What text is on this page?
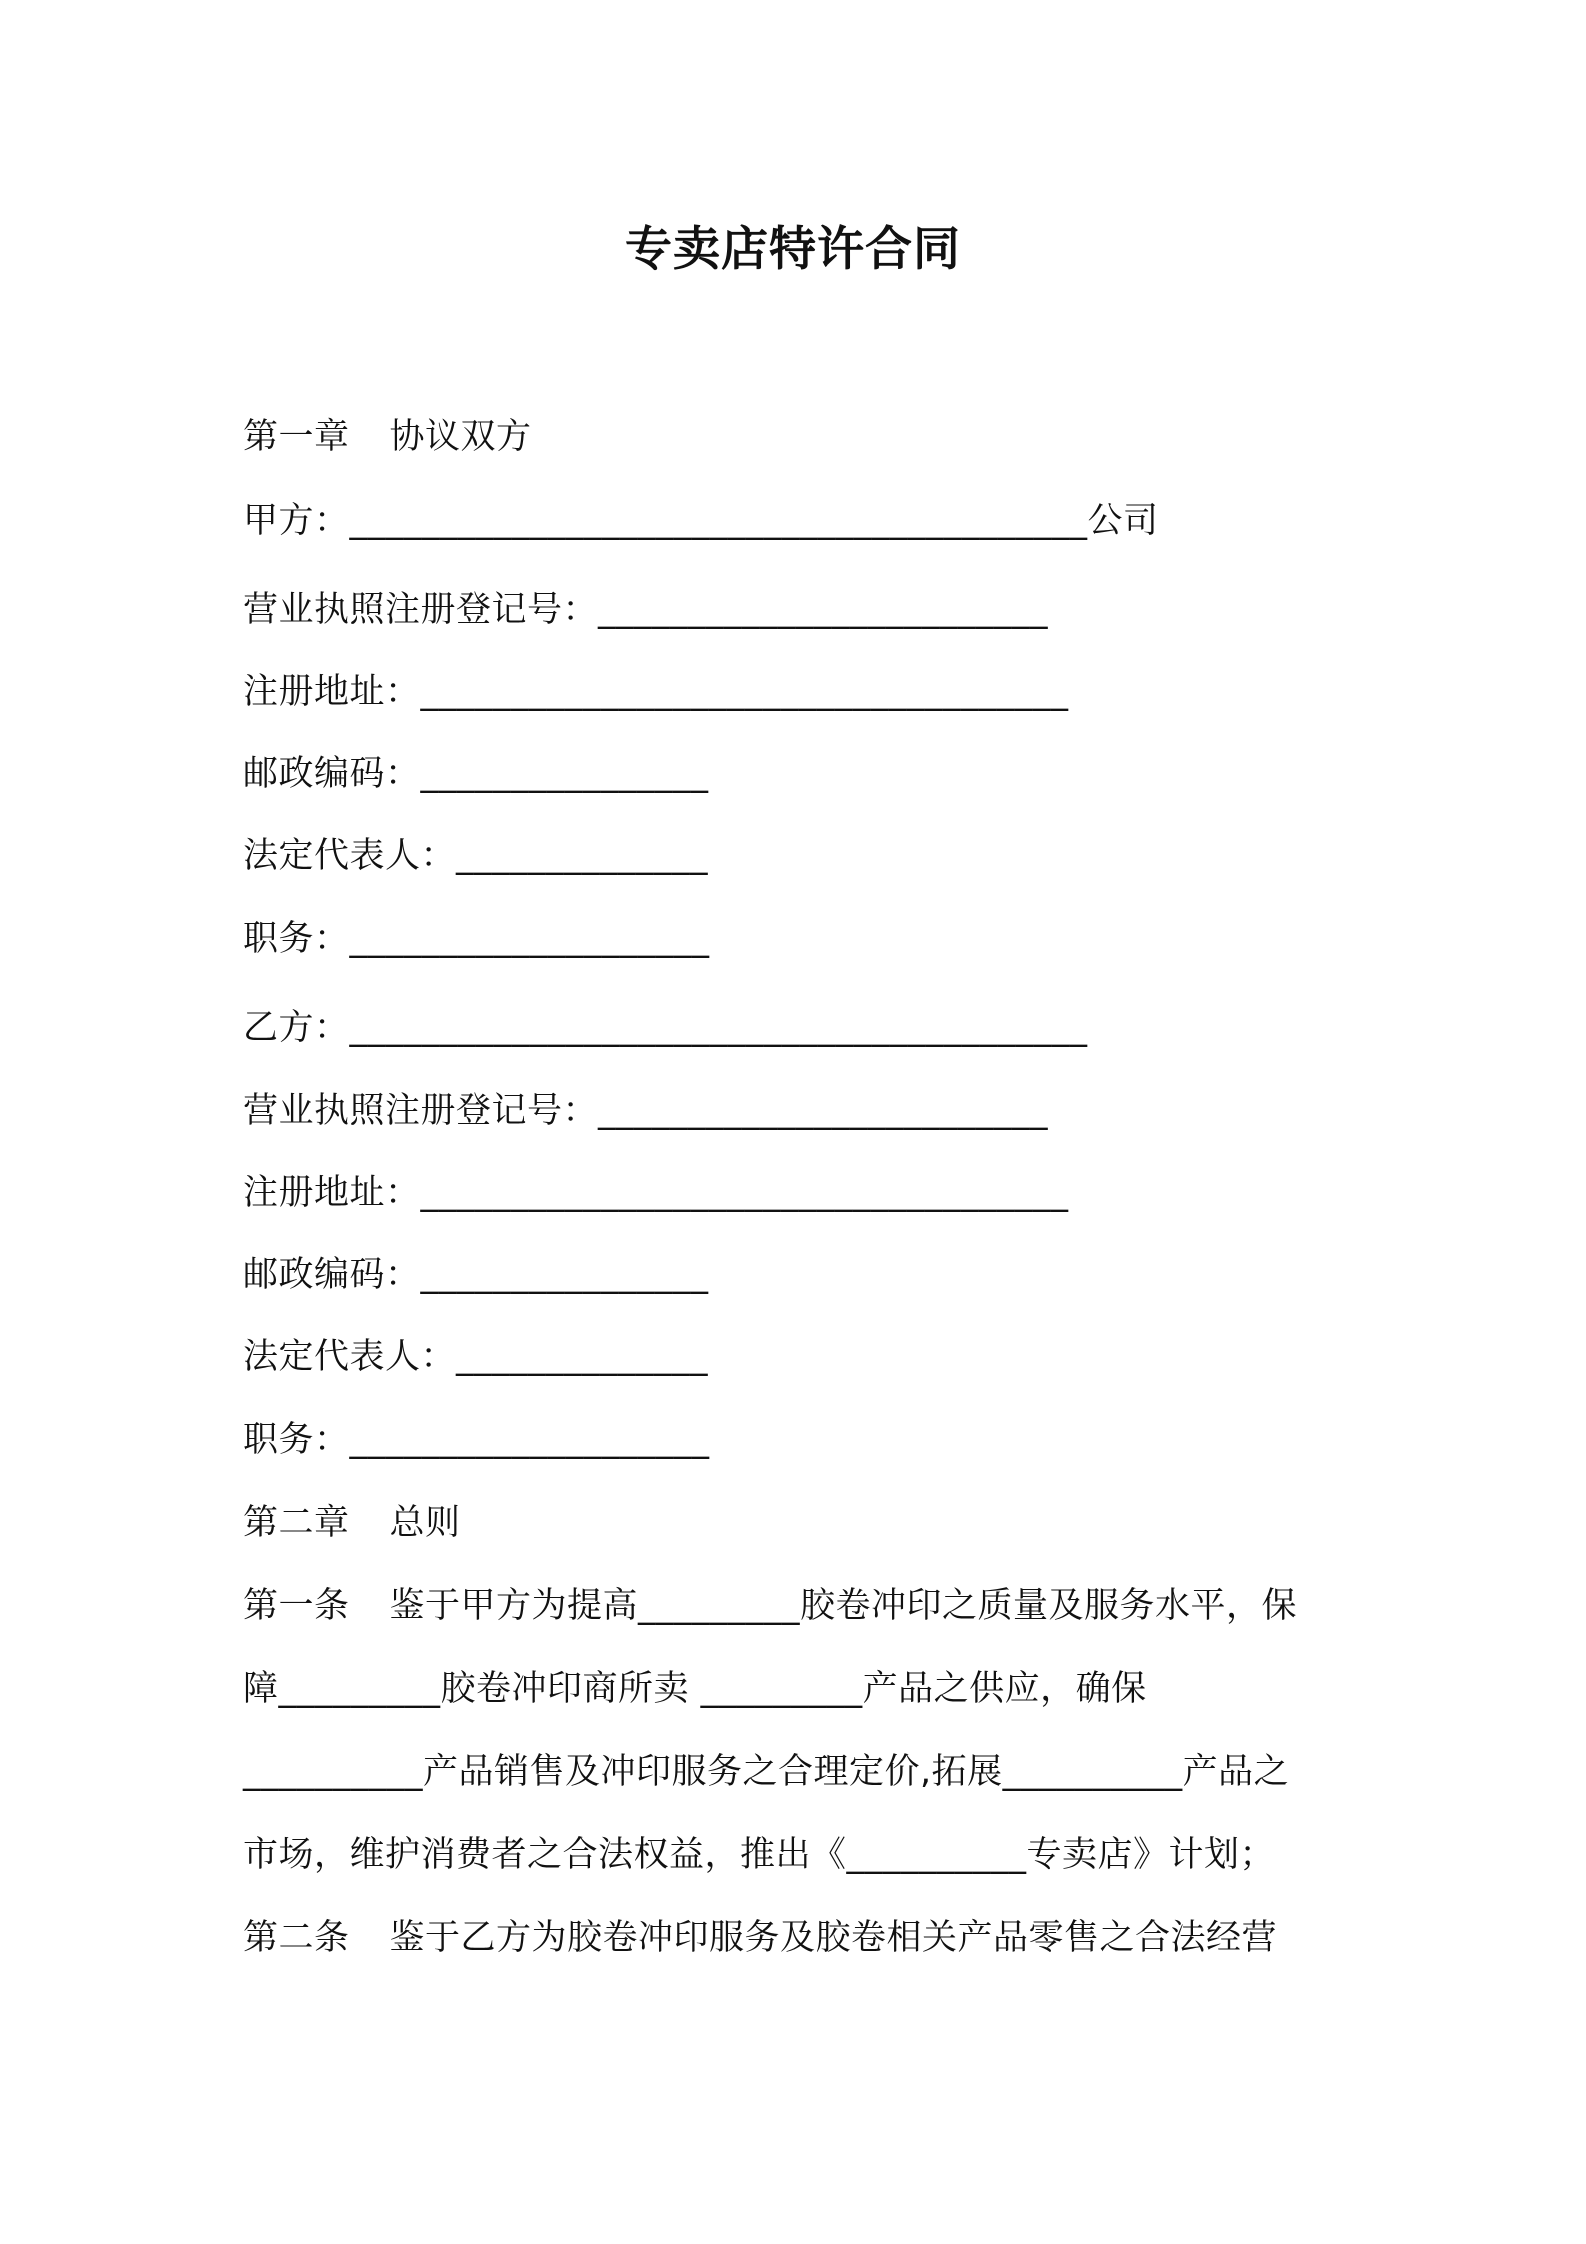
专卖店特许合同
第一章 协议双方
甲方：_________________________________________公司
营业执照注册登记号：_________________________
注册地址：____________________________________
邮政编码：________________
法定代表人：______________
职务：____________________
乙方：_________________________________________
营业执照注册登记号：_________________________
注册地址：____________________________________
邮政编码：________________
法定代表人：______________
职务：____________________
第二章 总则
第一条 鉴于甲方为提高_________胶卷冲印之质量及服务水平，保
障_________胶卷冲印商所卖 _________产品之供应，确保
__________产品销售及冲印服务之合理定价,拓展__________产品之
市场，维护消费者之合法权益，推出《__________专卖店》计划；
第二条 鉴于乙方为胶卷冲印服务及胶卷相关产品零售之合法经营
